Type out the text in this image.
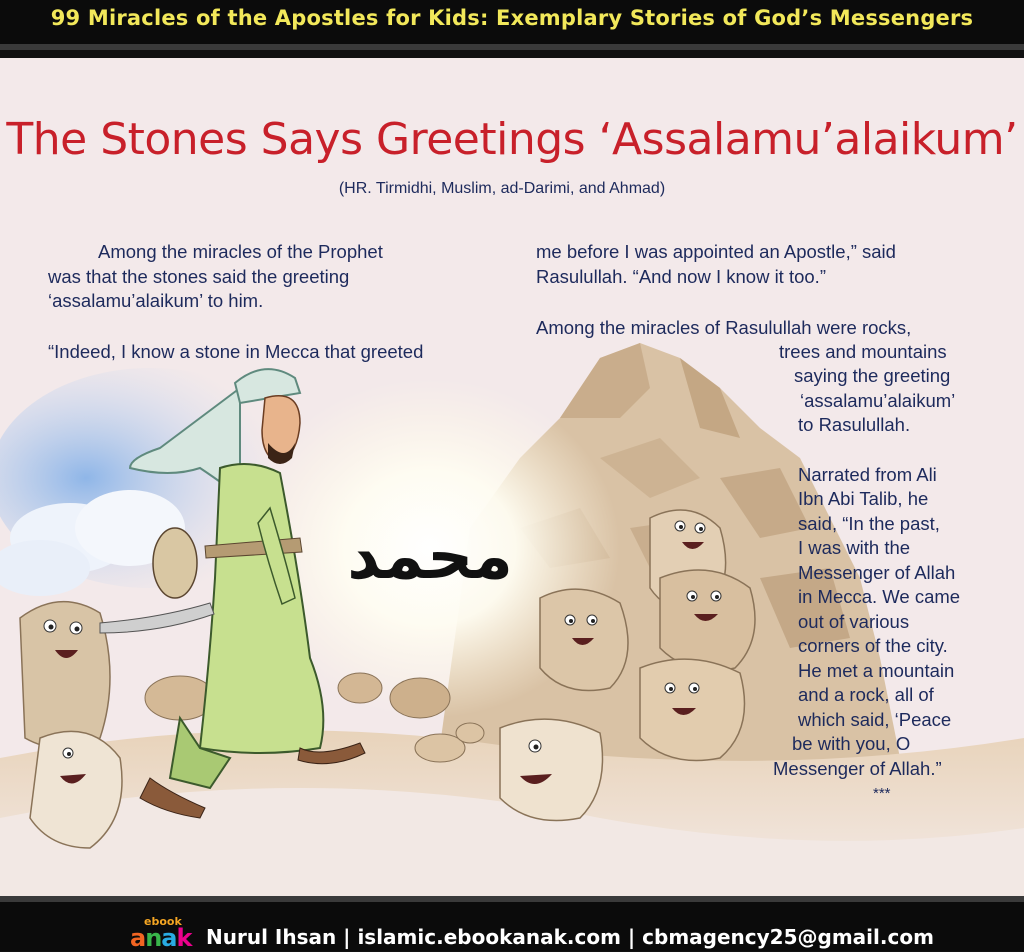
99 Miracles of the Apostles for Kids: Exemplary Stories of God’s Messengers
محمد
The Stones Says Greetings ‘Assalamu’alaikum’
(HR. Tirmidhi, Muslim, ad-Darimi, and Ahmad)
Among the miracles of the Prophet
was that the stones said the greeting
‘assalamu’alaikum’ to him.
“Indeed, I know a stone in Mecca that greeted
me before I was appointed an Apostle,” said
Rasulullah. “And now I know it too.”
Among the miracles of Rasulullah were rocks,
trees and mountains
saying the greeting
‘assalamu’alaikum’
to Rasulullah.
Narrated from Ali
Ibn Abi Talib, he
said, “In the past,
I was with the
Messenger of Allah
in Mecca. We came
out of various
corners of the city.
He met a mountain
and a rock, all of
which said, ‘Peace
be with you, O
Messenger of Allah.”
***
ebook
anak Nurul Ihsan | islamic.ebookanak.com | cbmagency25@gmail.com
